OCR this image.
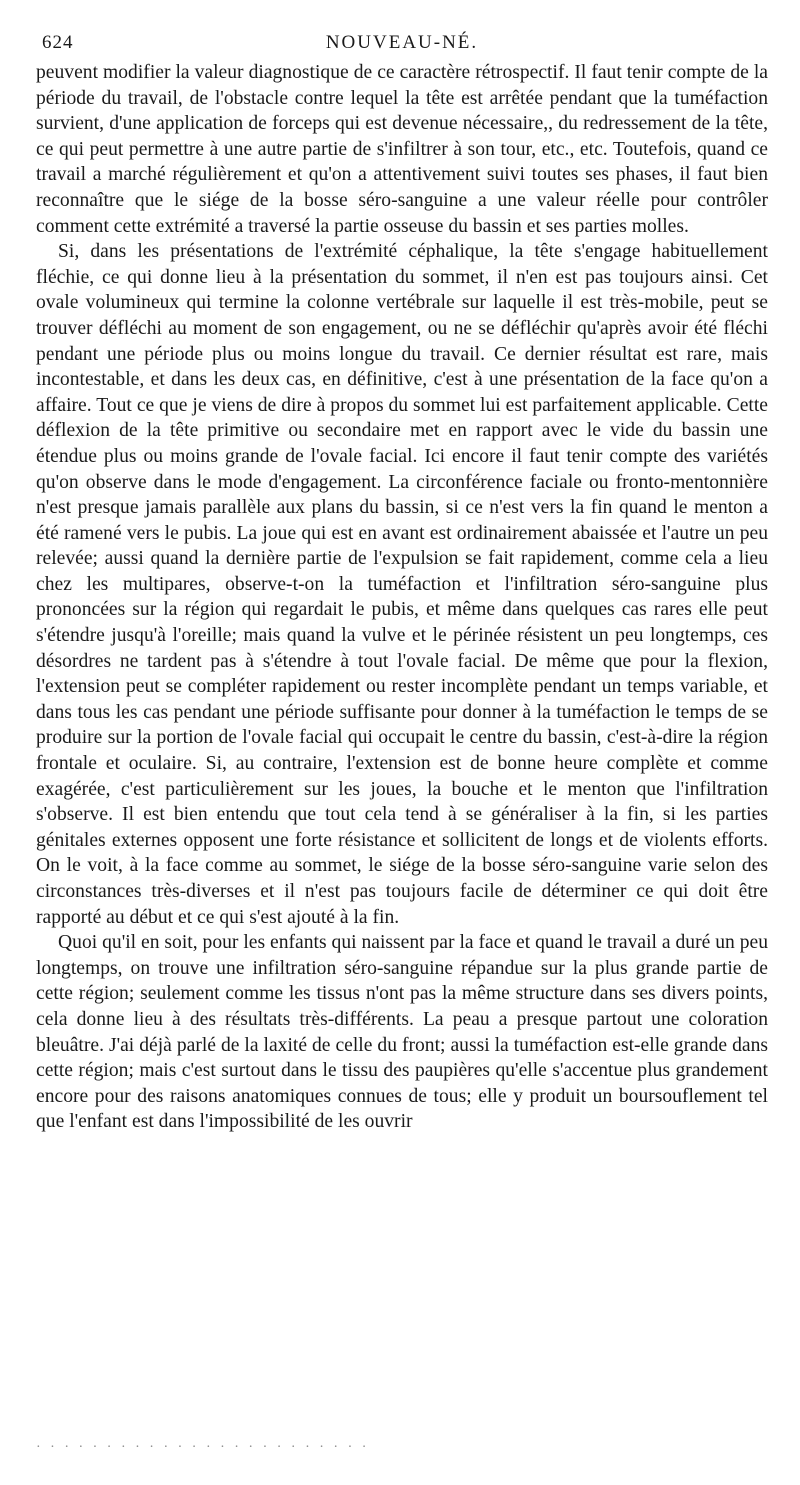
624	NOUVEAU-NÉ.

peuvent modifier la valeur diagnostique de ce caractère rétrospectif. Il faut tenir compte de la période du travail, de l'obstacle contre lequel la tête est arrêtée pendant que la tuméfaction survient, d'une application de forceps qui est devenue nécessaire,, du redressement de la tête, ce qui peut permettre à une autre partie de s'infiltrer à son tour, etc., etc. Toutefois, quand ce travail a marché régulièrement et qu'on a attentivement suivi toutes ses phases, il faut bien reconnaître que le siége de la bosse séro-sanguine a une valeur réelle pour contrôler comment cette extrémité a traversé la partie osseuse du bassin et ses parties molles.

Si, dans les présentations de l'extrémité céphalique, la tête s'engage habituellement fléchie, ce qui donne lieu à la présentation du sommet, il n'en est pas toujours ainsi. Cet ovale volumineux qui termine la colonne vertébrale sur laquelle il est très-mobile, peut se trouver défléchi au moment de son engagement, ou ne se défléchir qu'après avoir été fléchi pendant une période plus ou moins longue du travail. Ce dernier résultat est rare, mais incontestable, et dans les deux cas, en définitive, c'est à une présentation de la face qu'on a affaire. Tout ce que je viens de dire à propos du sommet lui est parfaitement applicable. Cette déflexion de la tête primitive ou secondaire met en rapport avec le vide du bassin une étendue plus ou moins grande de l'ovale facial. Ici encore il faut tenir compte des variétés qu'on observe dans le mode d'engagement. La circonférence faciale ou fronto-mentonnière n'est presque jamais parallèle aux plans du bassin, si ce n'est vers la fin quand le menton a été ramené vers le pubis. La joue qui est en avant est ordinairement abaissée et l'autre un peu relevée; aussi quand la dernière partie de l'expulsion se fait rapidement, comme cela a lieu chez les multipares, observe-t-on la tuméfaction et l'infiltration séro-sanguine plus prononcées sur la région qui regardait le pubis, et même dans quelques cas rares elle peut s'étendre jusqu'à l'oreille; mais quand la vulve et le périnée résistent un peu longtemps, ces désordres ne tardent pas à s'étendre à tout l'ovale facial. De même que pour la flexion, l'extension peut se compléter rapidement ou rester incomplète pendant un temps variable, et dans tous les cas pendant une période suffisante pour donner à la tuméfaction le temps de se produire sur la portion de l'ovale facial qui occupait le centre du bassin, c'est-à-dire la région frontale et oculaire. Si, au contraire, l'extension est de bonne heure complète et comme exagérée, c'est particulièrement sur les joues, la bouche et le menton que l'infiltration s'observe. Il est bien entendu que tout cela tend à se généraliser à la fin, si les parties génitales externes opposent une forte résistance et sollicitent de longs et de violents efforts. On le voit, à la face comme au sommet, le siége de la bosse séro-sanguine varie selon des circonstances très-diverses et il n'est pas toujours facile de déterminer ce qui doit être rapporté au début et ce qui s'est ajouté à la fin.

Quoi qu'il en soit, pour les enfants qui naissent par la face et quand le travail a duré un peu longtemps, on trouve une infiltration séro-sanguine répandue sur la plus grande partie de cette région; seulement comme les tissus n'ont pas la même structure dans ses divers points, cela donne lieu à des résultats très-différents. La peau a presque partout une coloration bleuâtre. J'ai déjà parlé de la laxité de celle du front; aussi la tuméfaction est-elle grande dans cette région; mais c'est surtout dans le tissu des paupières qu'elle s'accentue plus grandement encore pour des raisons anatomiques connues de tous; elle y produit un boursouflement tel que l'enfant est dans l'impossibilité de les ouvrir

· · · · · · · · · · · · · · · · · · · · · · · ·
